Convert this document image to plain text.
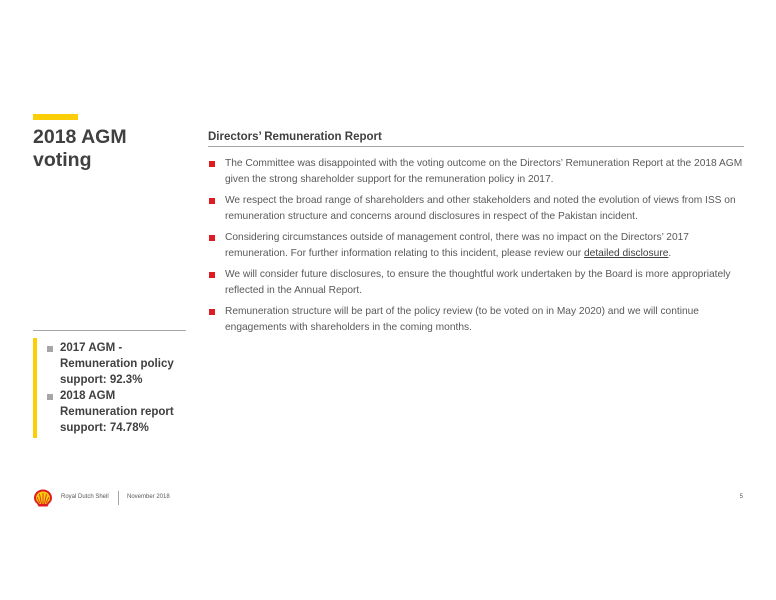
2018 AGM voting
Directors’ Remuneration Report
The Committee was disappointed with the voting outcome on the Directors’ Remuneration Report at the 2018 AGM given the strong shareholder support for the remuneration policy in 2017.
We respect the broad range of shareholders and other stakeholders and noted the evolution of views from ISS on remuneration structure and concerns around disclosures in respect of the Pakistan incident.
Considering circumstances outside of management control, there was no impact on the Directors’ 2017 remuneration. For further information relating to this incident, please review our detailed disclosure.
We will consider future disclosures, to ensure the thoughtful work undertaken by the Board is more appropriately reflected in the Annual Report.
Remuneration structure will be part of the policy review (to be voted on in May 2020) and we will continue engagements with shareholders in the coming months.
2017 AGM - Remuneration policy support: 92.3%
2018 AGM Remuneration report support: 74.78%
Royal Dutch Shell	November 2018	5
